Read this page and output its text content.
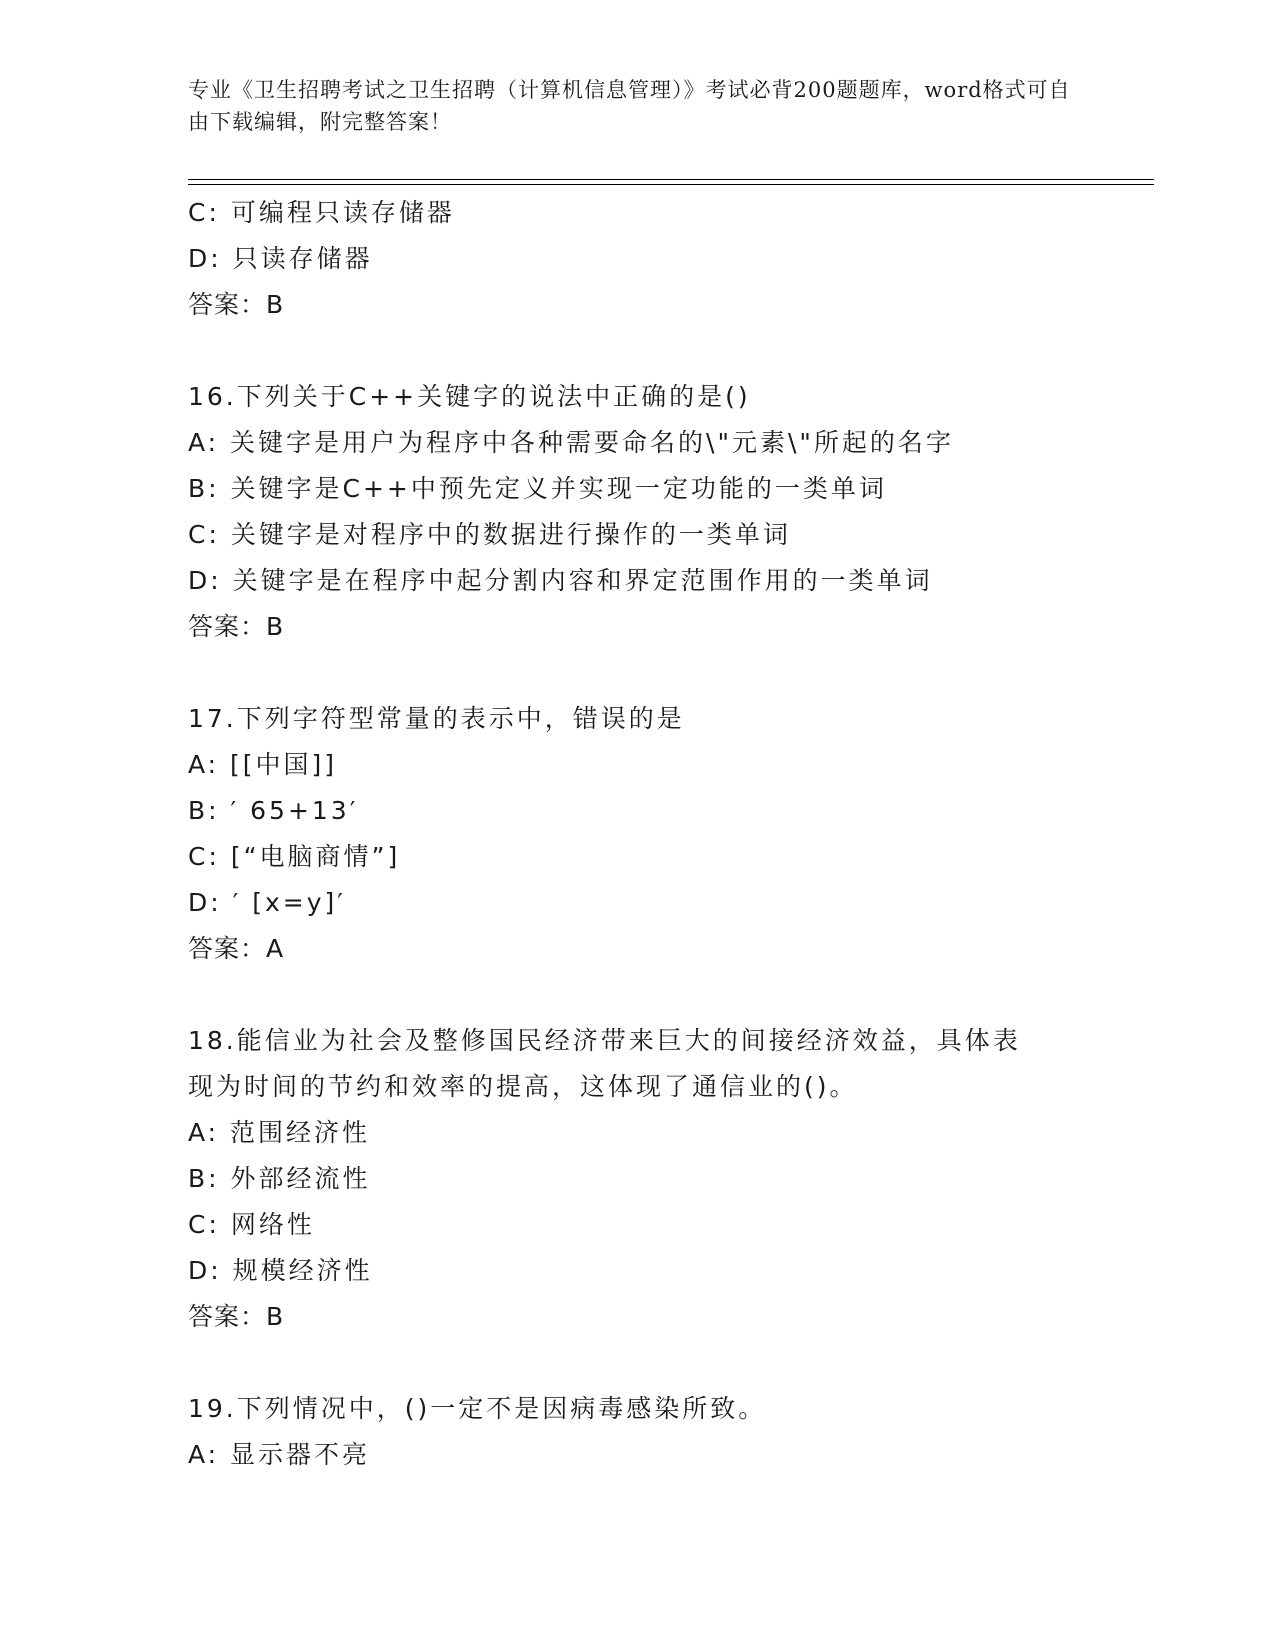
专业《卫生招聘考试之卫生招聘（计算机信息管理）》考试必背200题题库，word格式可自由下载编辑，附完整答案！
C: 可编程只读存储器
D: 只读存储器
答案：B
16.下列关于C++关键字的说法中正确的是()
A: 关键字是用户为程序中各种需要命名的\"元素\"所起的名字
B: 关键字是C++中预先定义并实现一定功能的一类单词
C: 关键字是对程序中的数据进行操作的一类单词
D: 关键字是在程序中起分割内容和界定范围作用的一类单词
答案：B
17.下列字符型常量的表示中，错误的是
A: [[中国]]
B: ′ 65+13′
C: [“电脑商情”]
D: ′ [x=y]′
答案：A
18.能信业为社会及整修国民经济带来巨大的间接经济效益，具体表现为时间的节约和效率的提高，这体现了通信业的()。
A: 范围经济性
B: 外部经流性
C: 网络性
D: 规模经济性
答案：B
19.下列情况中，()一定不是因病毒感染所致。
A: 显示器不亮
